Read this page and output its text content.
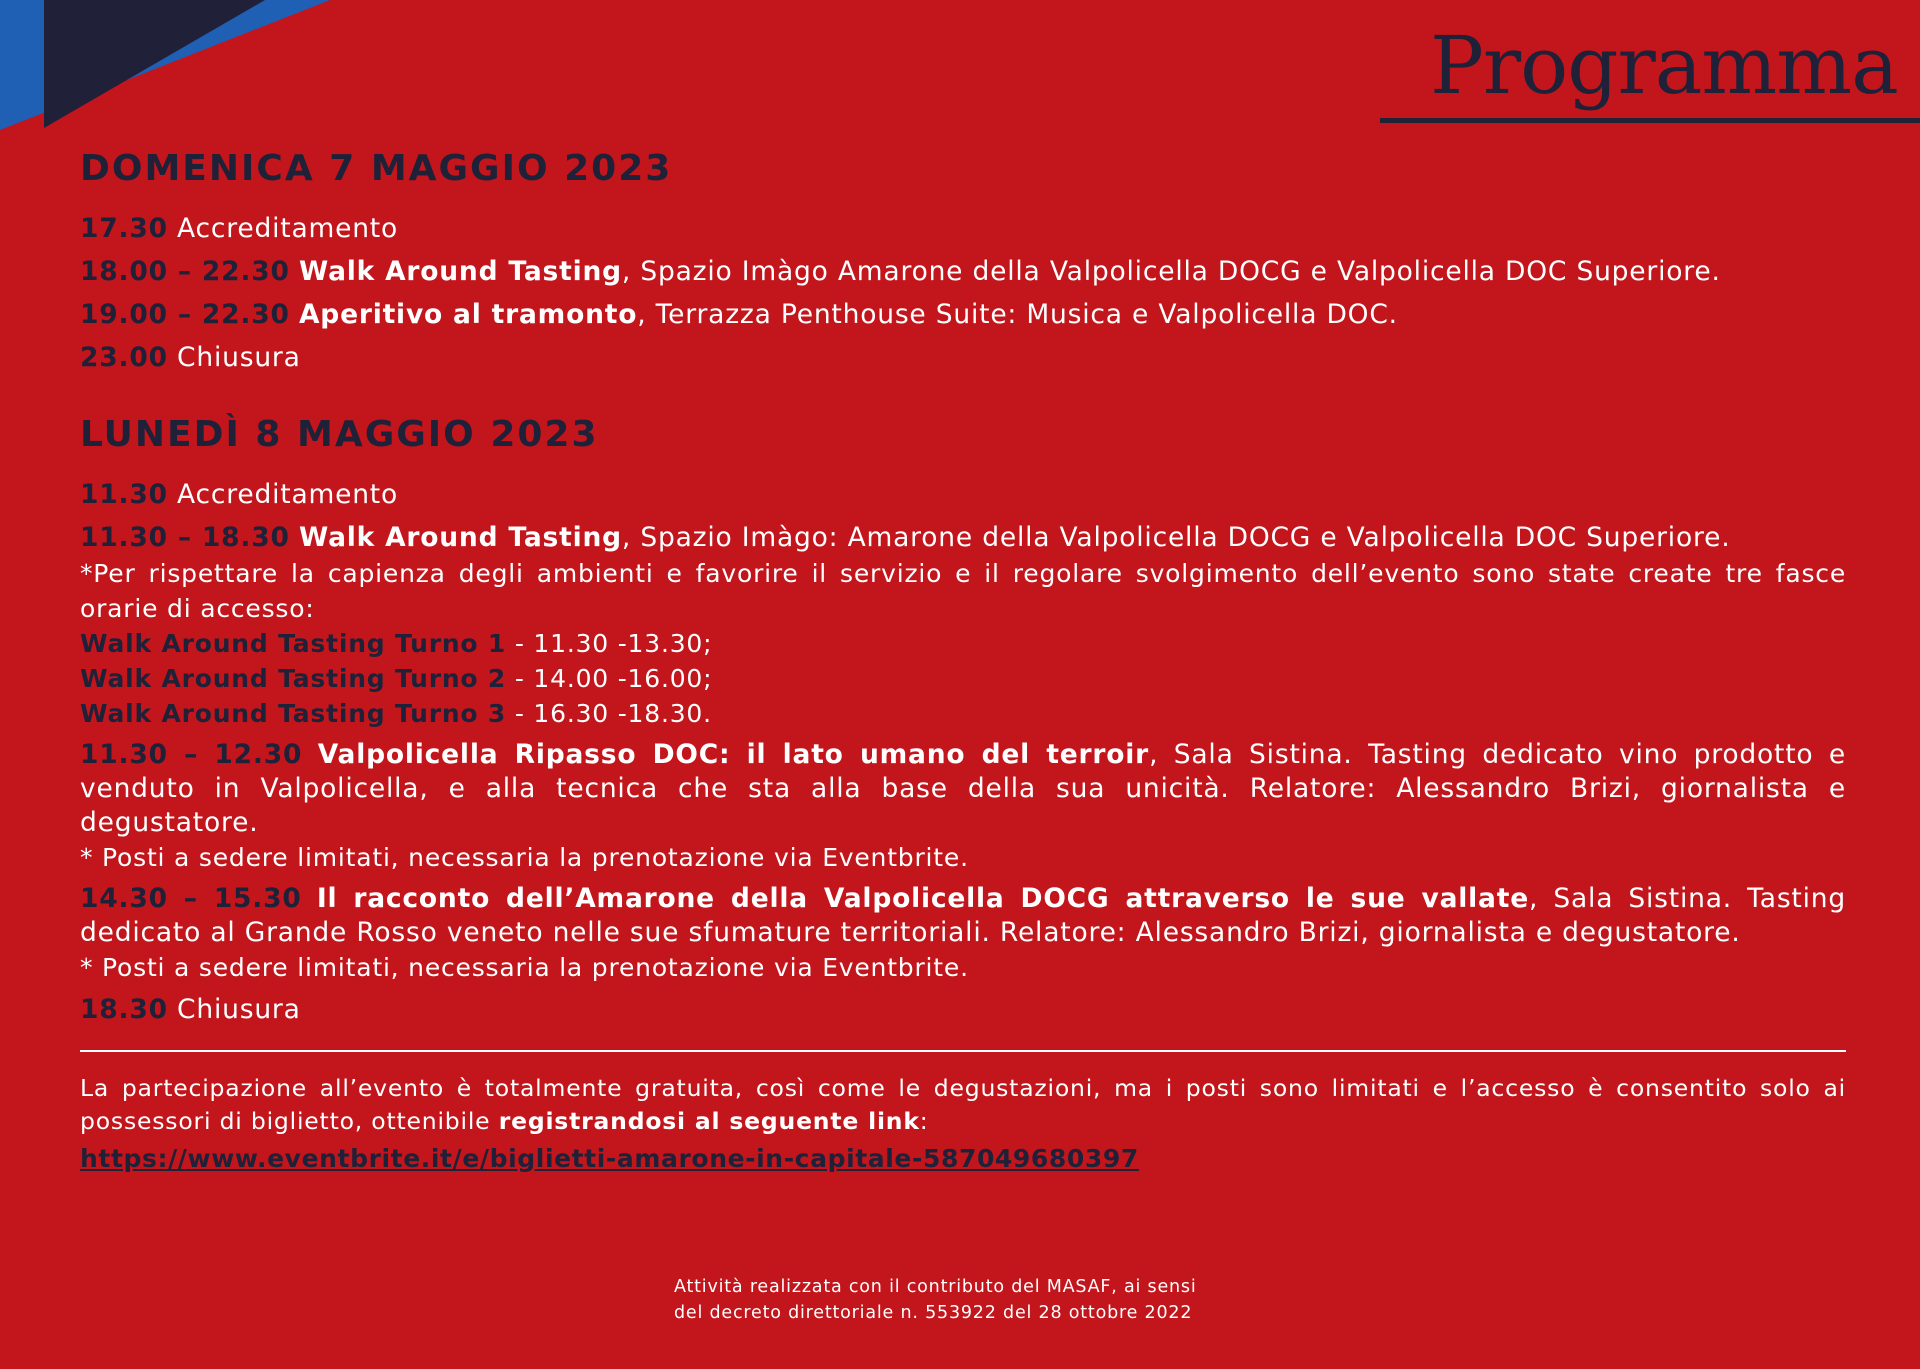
Programma
DOMENICA 7 MAGGIO 2023
17.30 Accreditamento
18.00 – 22.30 Walk Around Tasting, Spazio Imàgo Amarone della Valpolicella DOCG e Valpolicella DOC Superiore.
19.00 – 22.30 Aperitivo al tramonto, Terrazza Penthouse Suite: Musica e Valpolicella DOC.
23.00 Chiusura
LUNEDÌ 8 MAGGIO 2023
11.30 Accreditamento
11.30 – 18.30 Walk Around Tasting, Spazio Imàgo: Amarone della Valpolicella DOCG e Valpolicella DOC Superiore.
*Per rispettare la capienza degli ambienti e favorire il servizio e il regolare svolgimento dell’evento sono state create tre fasce orarie di accesso:
Walk Around Tasting Turno 1 - 11.30 -13.30;
Walk Around Tasting Turno 2 - 14.00 -16.00;
Walk Around Tasting Turno 3 - 16.30 -18.30.
11.30 – 12.30 Valpolicella Ripasso DOC: il lato umano del terroir, Sala Sistina. Tasting dedicato vino prodotto e venduto in Valpolicella, e alla tecnica che sta alla base della sua unicità. Relatore: Alessandro Brizi, giornalista e degustatore.
* Posti a sedere limitati, necessaria la prenotazione via Eventbrite.
14.30 – 15.30 Il racconto dell’Amarone della Valpolicella DOCG attraverso le sue vallate, Sala Sistina. Tasting dedicato al Grande Rosso veneto nelle sue sfumature territoriali. Relatore: Alessandro Brizi, giornalista e degustatore.
* Posti a sedere limitati, necessaria la prenotazione via Eventbrite.
18.30 Chiusura
La partecipazione all’evento è totalmente gratuita, così come le degustazioni, ma i posti sono limitati e l’accesso è consentito solo ai possessori di biglietto, ottenibile registrandosi al seguente link:
https://www.eventbrite.it/e/biglietti-amarone-in-capitale-587049680397
Attività realizzata con il contributo del MASAF, ai sensi
del decreto direttoriale n. 553922 del 28 ottobre 2022
